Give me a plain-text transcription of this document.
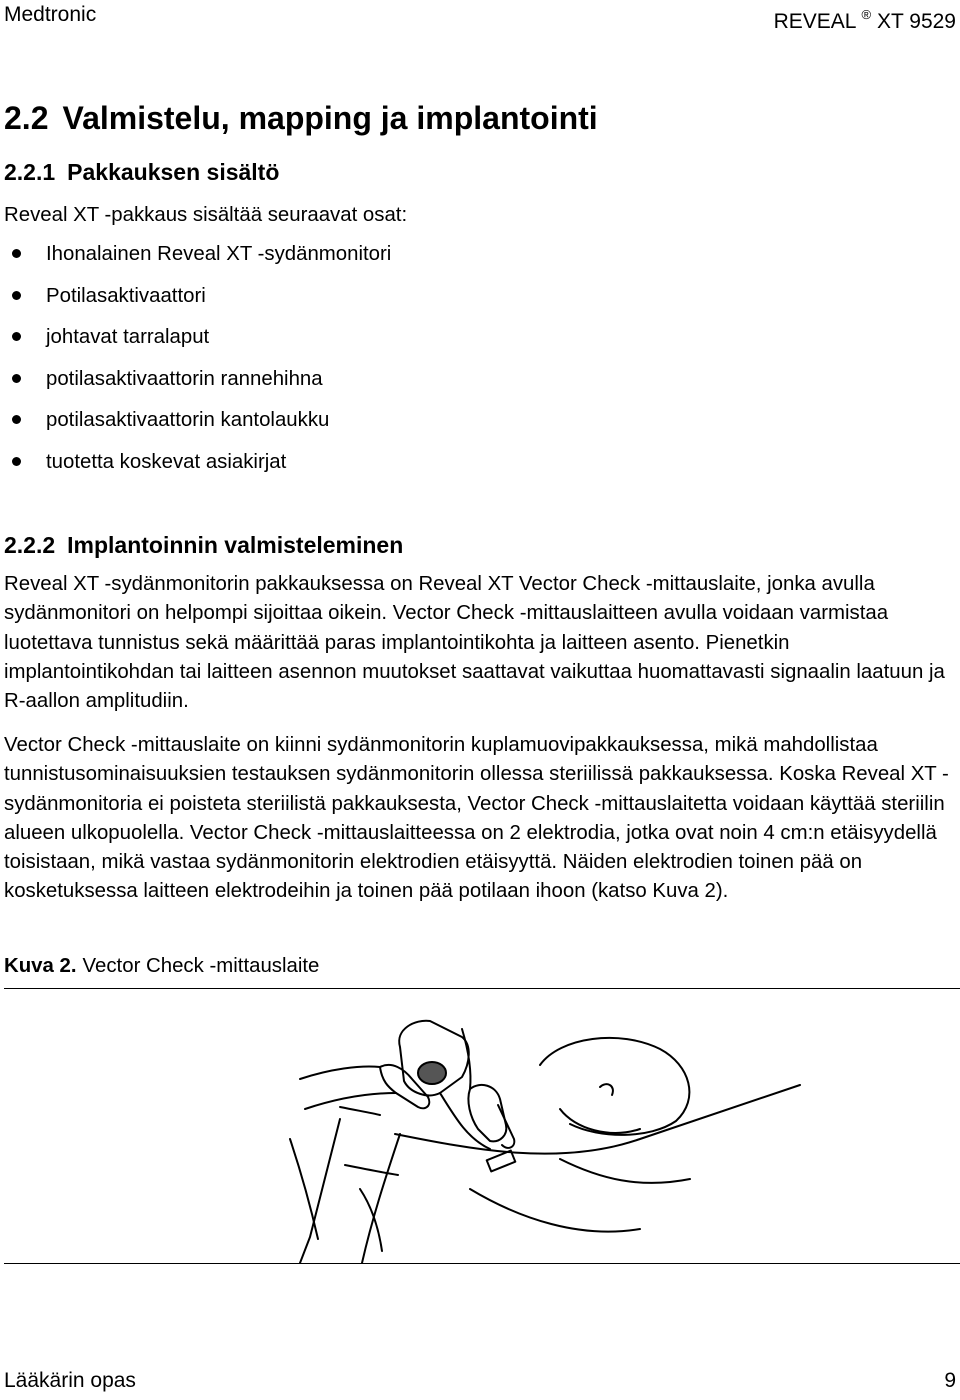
Medtronic	REVEAL ® XT 9529
2.2 Valmistelu, mapping ja implantointi
2.2.1 Pakkauksen sisältö

Reveal XT -pakkaus sisältää seuraavat osat:

Ihonalainen Reveal XT -sydänmonitori
Potilasaktivaattori
johtavat tarralaput
potilasaktivaattorin rannehihna
potilasaktivaattorin kantolaukku
tuotetta koskevat asiakirjat
2.2.2 Implantoinnin valmisteleminen

Reveal XT -sydänmonitorin pakkauksessa on Reveal XT Vector Check -mittauslaite, jonka avulla sydänmonitori on helpompi sijoittaa oikein. Vector Check -mittauslaitteen avulla voidaan varmistaa luotettava tunnistus sekä määrittää paras implantointikohta ja laitteen asento. Pienetkin implantointikohdan tai laitteen asennon muutokset saattavat vaikuttaa huomattavasti signaalin laatuun ja R-aallon amplitudiin.

Vector Check -mittauslaite on kiinni sydänmonitorin kuplamuovipakkauksessa, mikä mahdollistaa tunnistusominaisuuksien testauksen sydänmonitorin ollessa steriilissä pakkauksessa. Koska Reveal XT -sydänmonitoria ei poisteta steriilistä pakkauksesta, Vector Check -mittauslaitetta voidaan käyttää steriilin alueen ulkopuolella. Vector Check -mittauslaitteessa on 2 elektrodia, jotka ovat noin 4 cm:n etäisyydellä toisistaan, mikä vastaa sydänmonitorin elektrodien etäisyyttä. Näiden elektrodien toinen pää on kosketuksessa laitteen elektrodeihin ja toinen pää potilaan ihoon (katso Kuva 2).

Kuva 2. Vector Check -mittauslaite

Lääkärin opas	9
